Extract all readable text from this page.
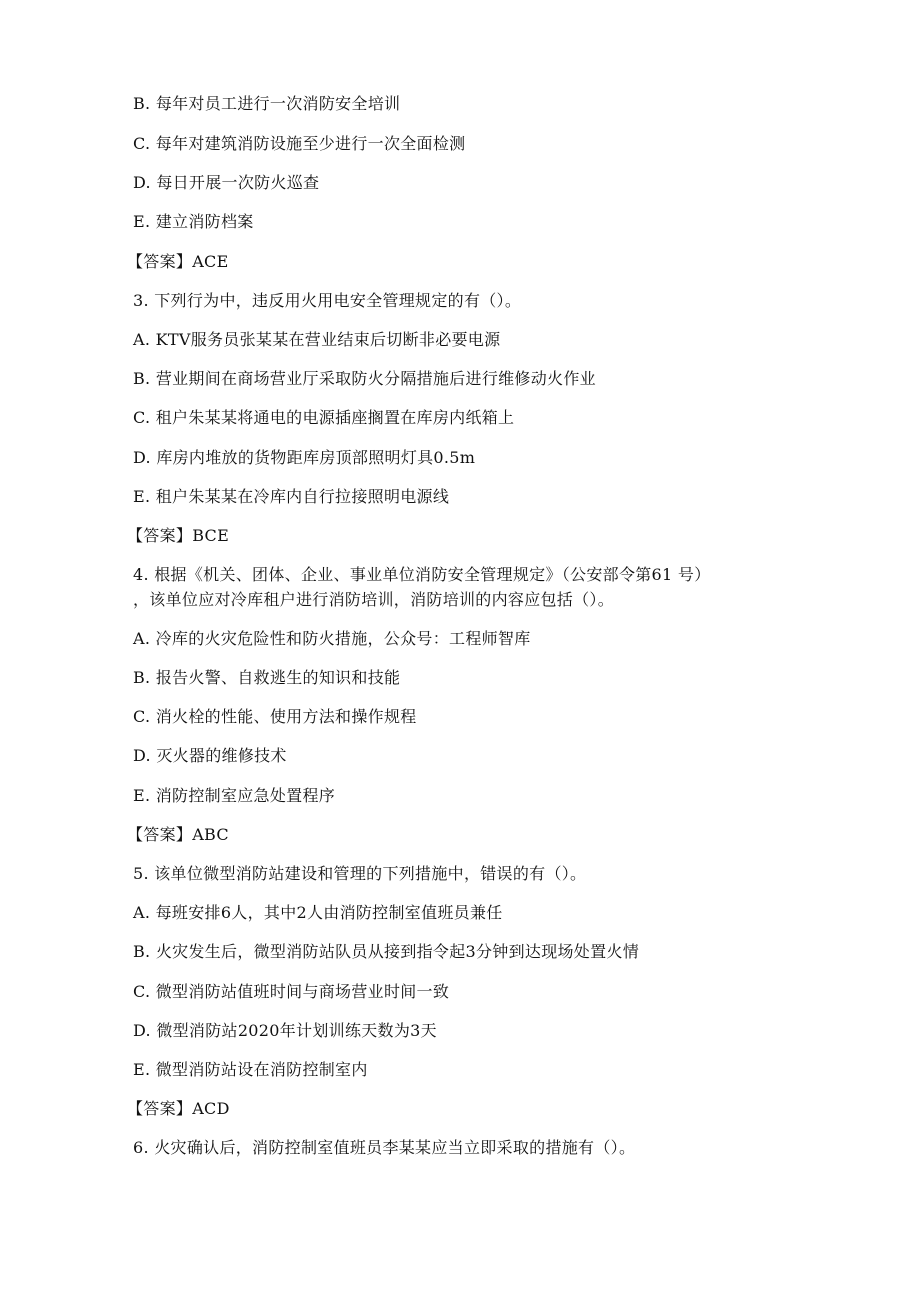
B. 每年对员工进行一次消防安全培训
C. 每年对建筑消防设施至少进行一次全面检测
D. 每日开展一次防火巡查
E. 建立消防档案
【答案】ACE
3. 下列行为中，违反用火用电安全管理规定的有（）。
A. KTV服务员张某某在营业结束后切断非必要电源
B. 营业期间在商场营业厅采取防火分隔措施后进行维修动火作业
C. 租户朱某某将通电的电源插座搁置在库房内纸箱上
D. 库房内堆放的货物距库房顶部照明灯具0.5m
E. 租户朱某某在冷库内自行拉接照明电源线
【答案】BCE
4. 根据《机关、团体、企业、事业单位消防安全管理规定》（公安部令第61 号）
，该单位应对冷库租户进行消防培训，消防培训的内容应包括（）。
A. 冷库的火灾危险性和防火措施，公众号：工程师智库
B. 报告火警、自救逃生的知识和技能
C. 消火栓的性能、使用方法和操作规程
D. 灭火器的维修技术
E. 消防控制室应急处置程序
【答案】ABC
5. 该单位微型消防站建设和管理的下列措施中，错误的有（）。
A. 每班安排6人，其中2人由消防控制室值班员兼任
B. 火灾发生后，微型消防站队员从接到指令起3分钟到达现场处置火情
C. 微型消防站值班时间与商场营业时间一致
D. 微型消防站2020年计划训练天数为3天
E. 微型消防站设在消防控制室内
【答案】ACD
6. 火灾确认后，消防控制室值班员李某某应当立即采取的措施有（）。
